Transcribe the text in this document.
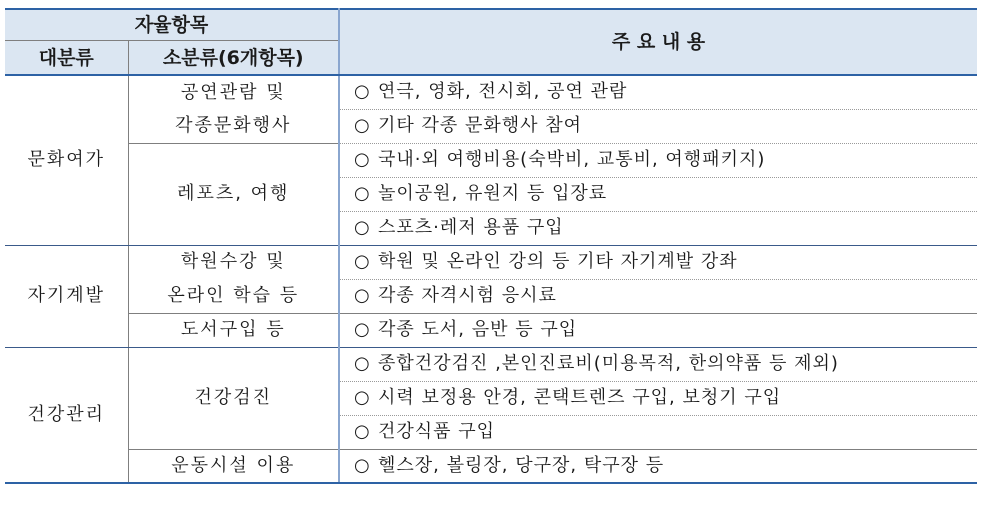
자율항목		주 요 내 용
대분류	소분류(6개항목)	
문화여가	공연관람 및	○ 연극, 영화, 전시회, 공연 관람
	각종문화행사	○ 기타 각종 문화행사 참여
	레포츠, 여행	○ 국내·외 여행비용(숙박비, 교통비, 여행패키지)
		○ 놀이공원, 유원지 등 입장료
		○ 스포츠·레저 용품 구입
자기계발	학원수강 및	○ 학원 및 온라인 강의 등 기타 자기계발 강좌
	온라인 학습 등	○ 각종 자격시험 응시료
	도서구입 등	○ 각종 도서, 음반 등 구입
건강관리	건강검진	○ 종합건강검진 ,본인진료비(미용목적, 한의약품 등 제외)
		○ 시력 보정용 안경, 콘택트렌즈 구입, 보청기 구입
		○ 건강식품 구입
	운동시설 이용	○ 헬스장, 볼링장, 당구장, 탁구장 등
